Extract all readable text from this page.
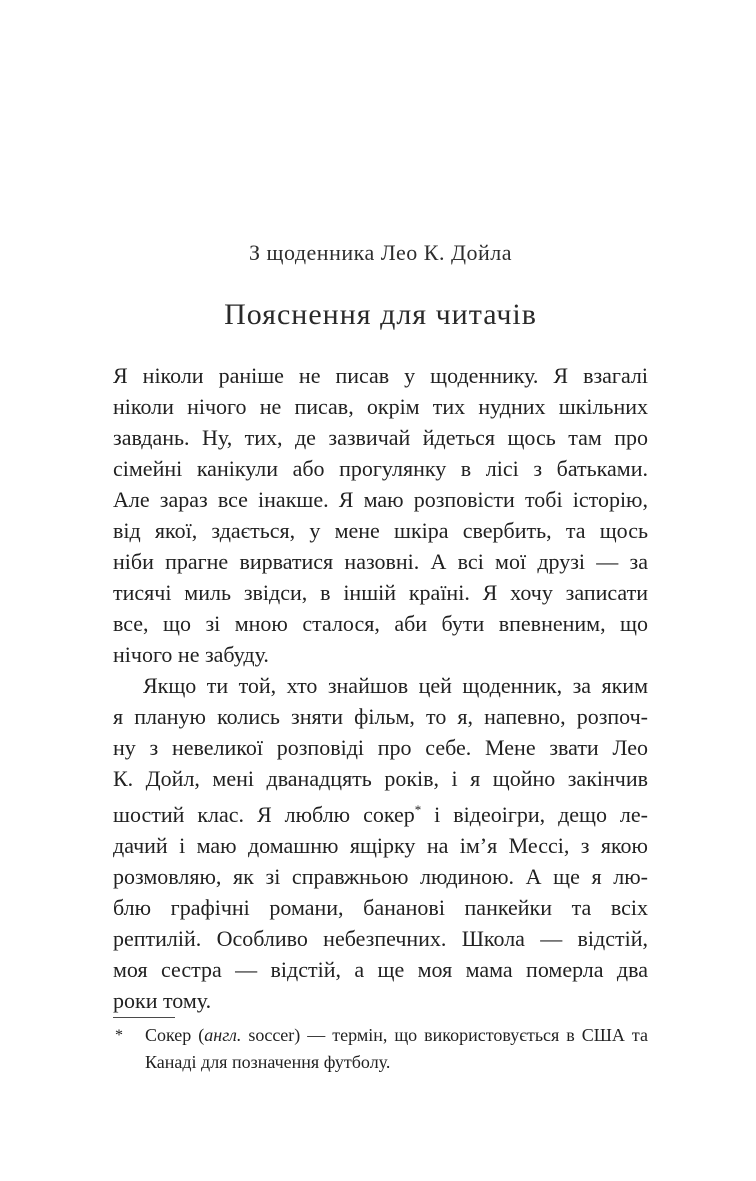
З щоденника Лео К. Дойла
Пояснення для читачів
Я ніколи раніше не писав у щоденнику. Я взагалі
ніколи нічого не писав, окрім тих нудних шкільних
завдань. Ну, тих, де зазвичай йдеться щось там про
сімейні канікули або прогулянку в лісі з батьками.
Але зараз все інакше. Я маю розповісти тобі історію,
від якої, здається, у мене шкіра свербить, та щось
ніби прагне вирватися назовні. А всі мої друзі — за
тисячі миль звідси, в іншій країні. Я хочу записати
все, що зі мною сталося, аби бути впевненим, що
нічого не забуду.
Якщо ти той, хто знайшов цей щоденник, за яким
я планую колись зняти фільм, то я, напевно, розпоч-
ну з невеликої розповіді про себе. Мене звати Лео
К. Дойл, мені дванадцять років, і я щойно закінчив
шостий клас. Я люблю сокер* і відеоігри, дещо ле-
дачий і маю домашню ящірку на ім’я Мессі, з якою
розмовляю, як зі справжньою людиною. А ще я лю-
блю графічні романи, бананові панкейки та всіх
рептилій. Особливо небезпечних. Школа — відстій,
моя сестра — відстій, а ще моя мама померла два
роки тому.
* Сокер (англ. soccer) — термін, що використовується в США та
Канаді для позначення футболу.
